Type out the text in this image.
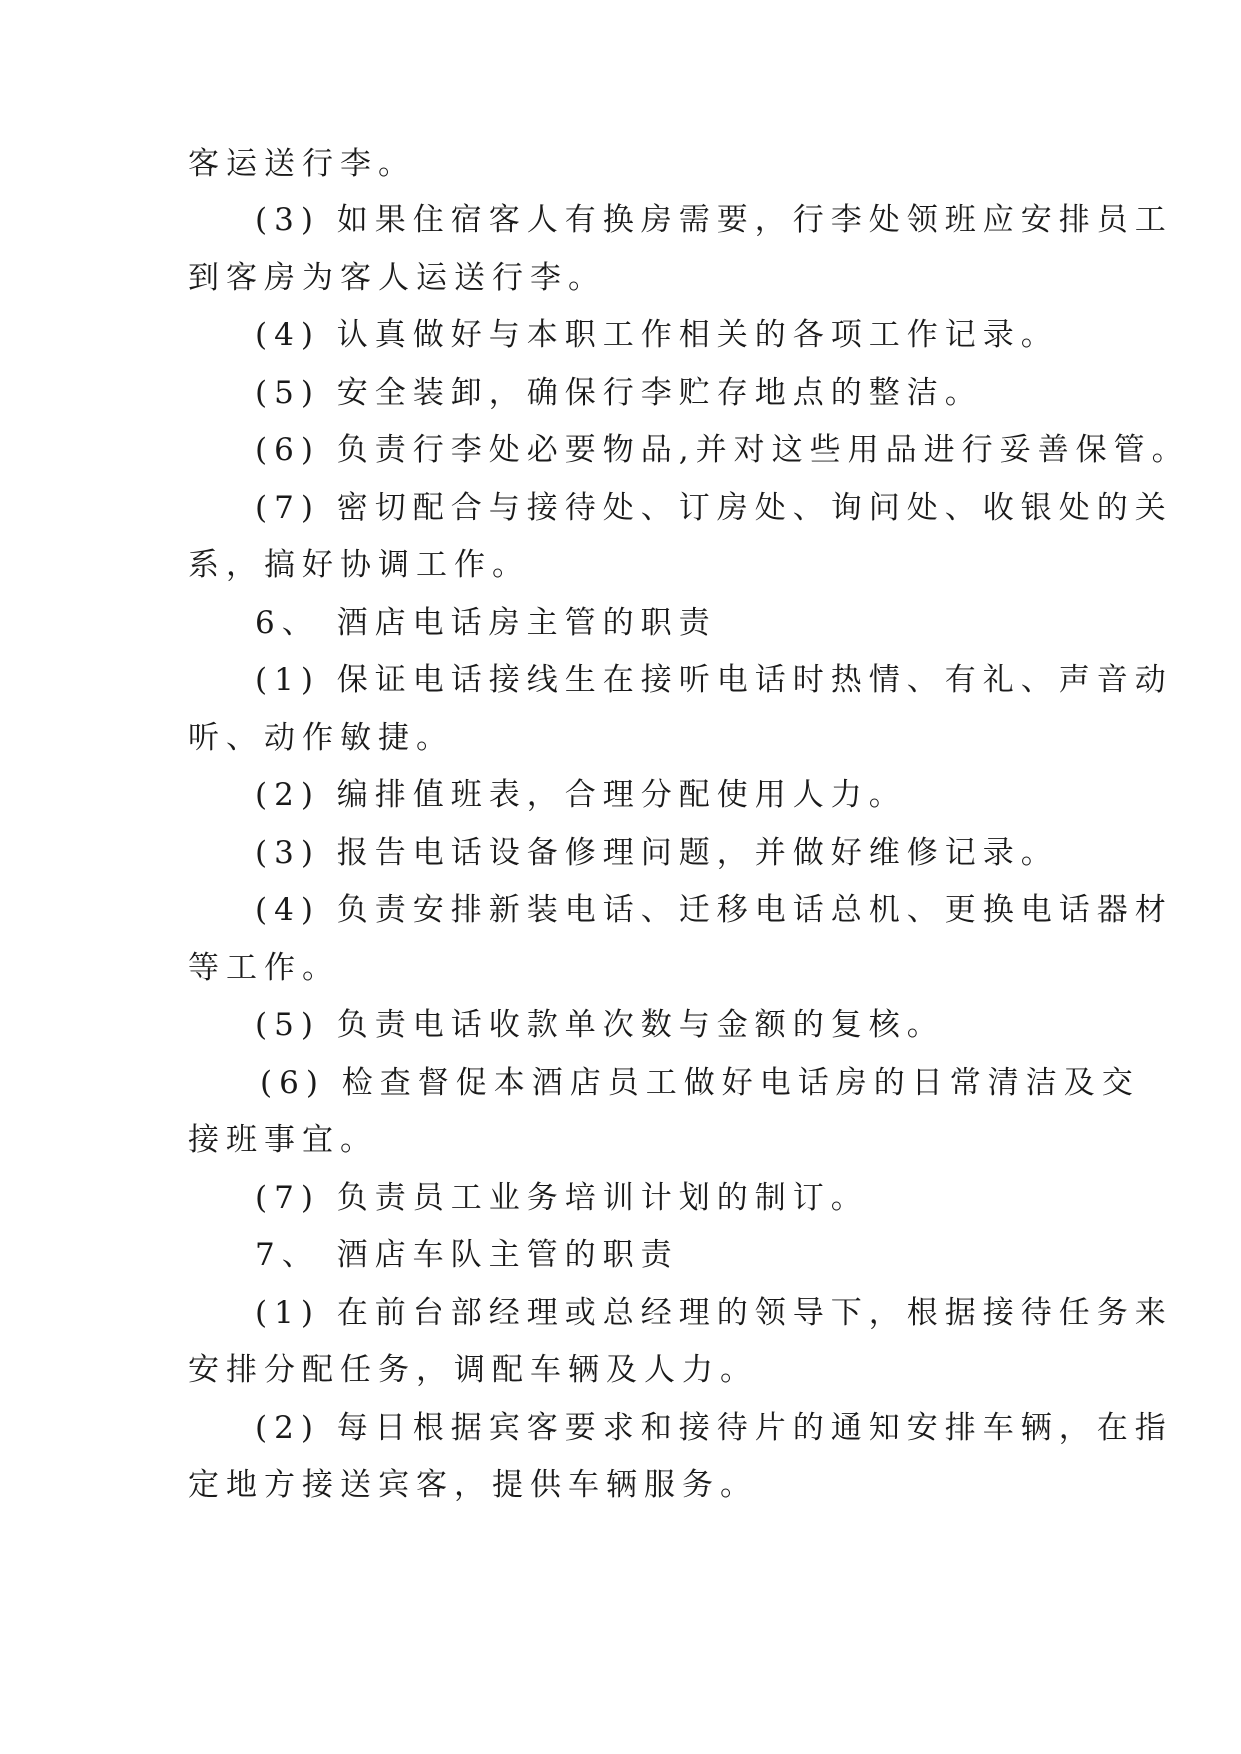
客运送行李。
(3) 如果住宿客人有换房需要，行李处领班应安排员工
到客房为客人运送行李。
(4) 认真做好与本职工作相关的各项工作记录。
(5) 安全装卸，确保行李贮存地点的整洁。
(6) 负责行李处必要物品,并对这些用品进行妥善保管。
(7) 密切配合与接待处、订房处、询问处、收银处的关
系，搞好协调工作。
6、 酒店电话房主管的职责
(1) 保证电话接线生在接听电话时热情、有礼、声音动
听、动作敏捷。
(2) 编排值班表，合理分配使用人力。
(3) 报告电话设备修理问题，并做好维修记录。
(4) 负责安排新装电话、迁移电话总机、更换电话器材
等工作。
(5) 负责电话收款单次数与金额的复核。
(6) 检查督促本酒店员工做好电话房的日常清洁及交
接班事宜。
(7) 负责员工业务培训计划的制订。
7、 酒店车队主管的职责
(1) 在前台部经理或总经理的领导下，根据接待任务来
安排分配任务，调配车辆及人力。
(2) 每日根据宾客要求和接待片的通知安排车辆，在指
定地方接送宾客，提供车辆服务。
